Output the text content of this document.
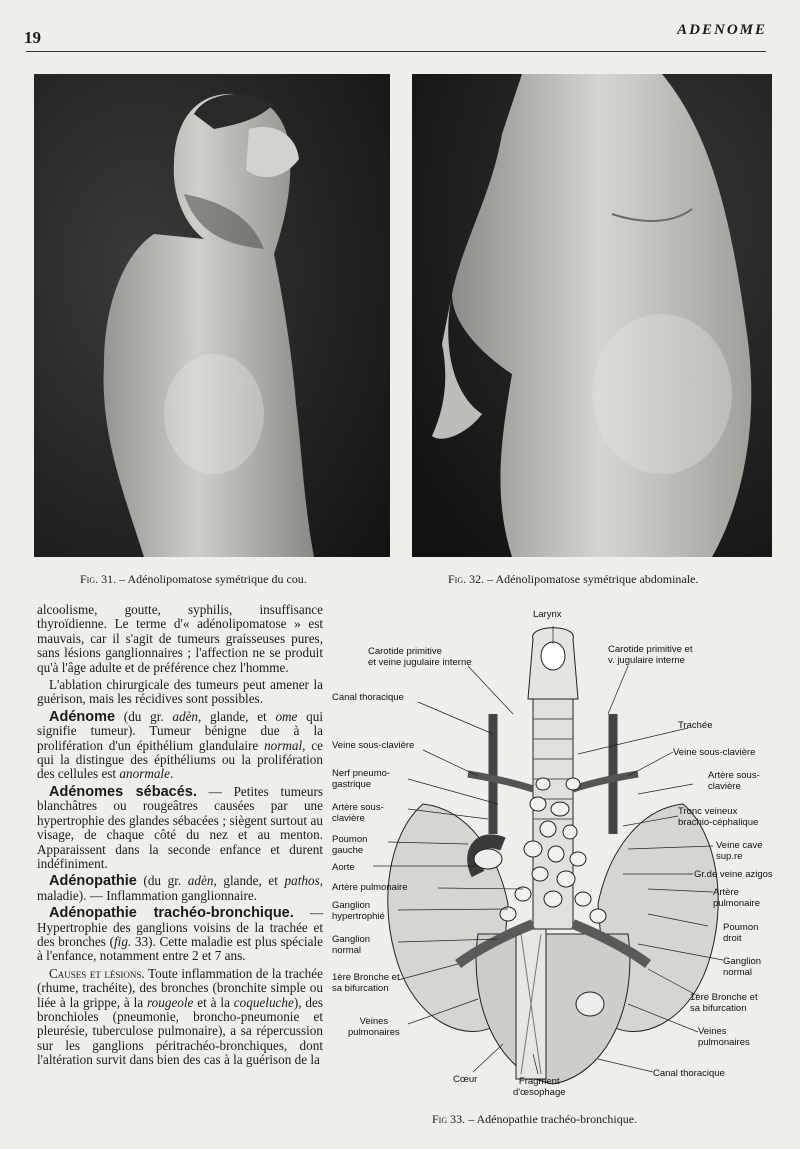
19	ADENOME
Fig. 31. – Adénolipomatose symétrique du cou.	Fig. 32. – Adénolipomatose symétrique abdominale.

alcoolisme, goutte, syphilis, insuffisance thyroïdienne. Le terme d'« adénolipomatose » est mauvais, car il s'agit de tumeurs graisseuses pures, sans lésions ganglionnaires ; l'affection ne se produit qu'à l'âge adulte et de préférence chez l'homme.

L'ablation chirurgicale des tumeurs peut amener la guérison, mais les récidives sont possibles.

Adénome (du gr. adèn, glande, et ome qui signifie tumeur). Tumeur bénigne due à la prolifération d'un épithélium glandulaire normal, ce qui la distingue des épithéliums ou la prolifération des cellules est anormale.

Adénomes sébacés. — Petites tumeurs blanchâtres ou rougeâtres causées par une hypertrophie des glandes sébacées ; siègent surtout au visage, de chaque côté du nez et au menton. Apparaissent dans la seconde enfance et durent indéfiniment.

Adénopathie (du gr. adèn, glande, et pathos, maladie). — Inflammation ganglionnaire.

Adénopathie trachéo-bronchique. — Hypertrophie des ganglions voisins de la trachée et des bronches (fig. 33). Cette maladie est plus spéciale à l'enfance, notamment entre 2 et 7 ans.

Causes et lésions. Toute inflammation de la trachée (rhume, trachéite), des bronches (bronchite simple ou liée à la grippe, à la rougeole et à la coqueluche), des bronchioles (pneumonie, broncho-pneumonie et pleurésie, tuberculose pulmonaire), a sa répercussion sur les ganglions péritrachéo-bronchiques, dont l'altération survit dans bien des cas à la guérison de la

Larynx
Carotide primitive
et veine jugulaire interne
Carotide primitive et
v. jugulaire interne
Canal thoracique
Trachée
Veine sous-clavière
Veine sous-clavière
Nerf pneumo-
gastrique
Artère sous-
clavière
Artère sous-
clavière
Tronc veineux
brachio-céphalique
Poumon
gauche	Veine cave
sup.re
Aorte
Gr.de veine azigos
Artère pulmonaire	Artère
pulmonaire
Ganglion
hypertrophié
Poumon
droit
Ganglion
normal
Ganglion
normal
1ère Bronche et
sa bifurcation
1ère Bronche et
sa bifurcation
Veines
pulmonaires	Veines
pulmonaires
Canal thoracique
Cœur	Fragment
d'œsophage
Fig 33. – Adénopathie trachéo-bronchique.
